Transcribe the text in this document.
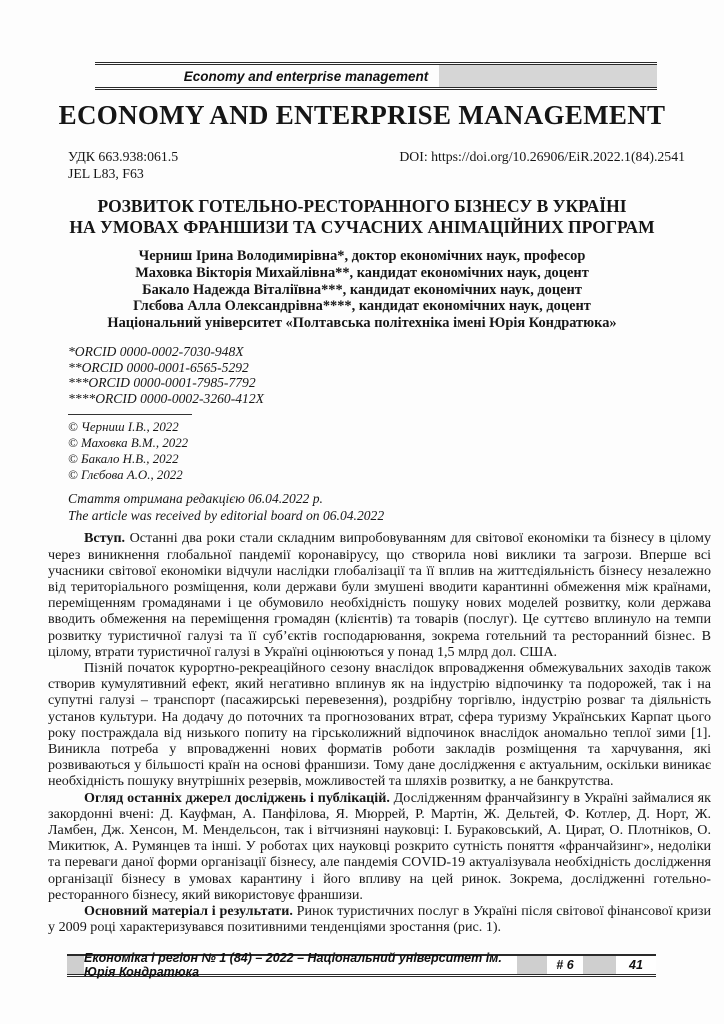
Economy and enterprise management
ECONOMY AND ENTERPRISE MANAGEMENT
УДК 663.938:061.5	DOI: https://doi.org/10.26906/EiR.2022.1(84).2541
JEL L83, F63
РОЗВИТОК ГОТЕЛЬНО-РЕСТОРАННОГО БІЗНЕСУ В УКРАЇНІ
НА УМОВАХ ФРАНШИЗИ ТА СУЧАСНИХ АНІМАЦІЙНИХ ПРОГРАМ
Черниш Ірина Володимирівна*, доктор економічних наук, професор
Маховка Вікторія Михайлівна**, кандидат економічних наук, доцент
Бакало Надежда Віталіївна***, кандидат економічних наук, доцент
Глєбова Алла Олександрівна****, кандидат економічних наук, доцент
Національний університет «Полтавська політехніка імені Юрія Кондратюка»
*ORCID 0000-0002-7030-948X
**ORCID 0000-0001-6565-5292
***ORCID 0000-0001-7985-7792
****ORCID 0000-0002-3260-412X
© Черниш І.В., 2022
© Маховка В.М., 2022
© Бакало Н.В., 2022
© Глєбова А.О., 2022
Стаття отримана редакцією 06.04.2022 р.
The article was received by editorial board on 06.04.2022

Вступ. Останні два роки стали складним випробовуванням для світової економіки та бізнесу в цілому через виникнення глобальної пандемії коронавірусу, що створила нові виклики та загрози. Вперше всі учасники світової економіки відчули наслідки глобалізації та її вплив на життєдіяльність бізнесу незалежно від територіального розміщення, коли держави були змушені вводити карантинні обмеження між країнами, переміщенням громадянами і це обумовило необхідність пошуку нових моделей розвитку, коли держава вводить обмеження на переміщення громадян (клієнтів) та товарів (послуг). Це суттєво вплинуло на темпи розвитку туристичної галузі та її суб’єктів господарювання, зокрема готельний та ресторанний бізнес. В цілому, втрати туристичної галузі в Україні оцінюються у понад 1,5 млрд дол. США.

Пізній початок курортно-рекреаційного сезону внаслідок впровадження обмежувальних заходів також створив кумулятивний ефект, який негативно вплинув як на індустрію відпочинку та подорожей, так і на супутні галузі – транспорт (пасажирські перевезення), роздрібну торгівлю, індустрію розваг та діяльність установ культури. На додачу до поточних та прогнозованих втрат, сфера туризму Українських Карпат цього року постраждала від низького попиту на гірськолижний відпочинок внаслідок аномально теплої зими [1]. Виникла потреба у впровадженні нових форматів роботи закладів розміщення та харчування, які розвиваються у більшості країн на основі франшизи. Тому дане дослідження є актуальним, оскільки виникає необхідність пошуку внутрішніх резервів, можливостей та шляхів розвитку, а не банкрутства.

Огляд останніх джерел досліджень і публікацій. Дослідженням франчайзингу в Україні займалися як закордонні вчені: Д. Кауфман, А. Панфілова, Я. Мюррей, Р. Мартін, Ж. Дельтей, Ф. Котлер, Д. Норт, Ж. Ламбен, Дж. Хенсон, М. Мендельсон, так і вітчизняні науковці: І. Бураковський, А. Цират, О. Плотніков, О. Микитюк, А. Румянцев та інші. У роботах цих науковці розкрито сутність поняття «франчайзинг», недоліки та переваги даної форми організації бізнесу, але пандемія COVID-19 актуалізувала необхідність дослідження організації бізнесу в умовах карантину і його впливу на цей ринок. Зокрема, дослідженні готельно-ресторанного бізнесу, який використовує франшизи.

Основний матеріал і результати. Ринок туристичних послуг в Україні після світової фінансової кризи у 2009 році характеризувався позитивними тенденціями зростання (рис. 1).

Економіка і регіон № 1 (84) – 2022 – Національний університет ім. Юрія Кондратюка	# 6	41
